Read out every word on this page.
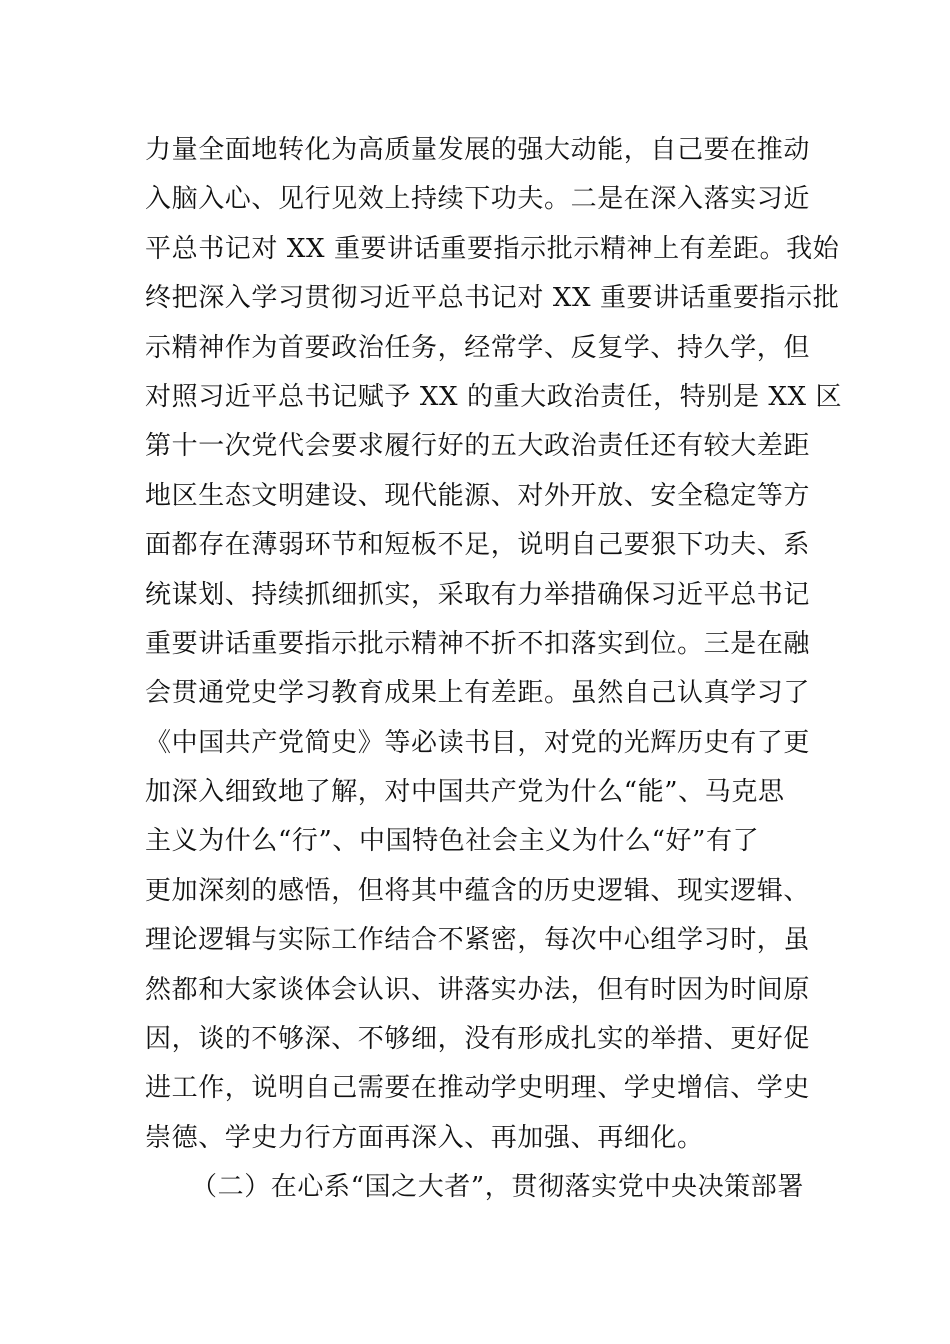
力量全面地转化为高质量发展的强大动能，自己要在推动
入脑入心、见行见效上持续下功夫。二是在深入落实习近
平总书记对 XX 重要讲话重要指示批示精神上有差距。我始
终把深入学习贯彻习近平总书记对 XX 重要讲话重要指示批
示精神作为首要政治任务，经常学、反复学、持久学，但
对照习近平总书记赋予 XX 的重大政治责任，特别是 XX 区
第十一次党代会要求履行好的五大政治责任还有较大差距
地区生态文明建设、现代能源、对外开放、安全稳定等方
面都存在薄弱环节和短板不足，说明自己要狠下功夫、系
统谋划、持续抓细抓实，采取有力举措确保习近平总书记
重要讲话重要指示批示精神不折不扣落实到位。三是在融
会贯通党史学习教育成果上有差距。虽然自己认真学习了
《中国共产党简史》等必读书目，对党的光辉历史有了更
加深入细致地了解，对中国共产党为什么“能”、马克思
主义为什么“行”、中国特色社会主义为什么“好”有了
更加深刻的感悟，但将其中蕴含的历史逻辑、现实逻辑、
理论逻辑与实际工作结合不紧密，每次中心组学习时，虽
然都和大家谈体会认识、讲落实办法，但有时因为时间原
因，谈的不够深、不够细，没有形成扎实的举措、更好促
进工作，说明自己需要在推动学史明理、学史增信、学史
崇德、学史力行方面再深入、再加强、再细化。
（二）在心系“国之大者”，贯彻落实党中央决策部署
